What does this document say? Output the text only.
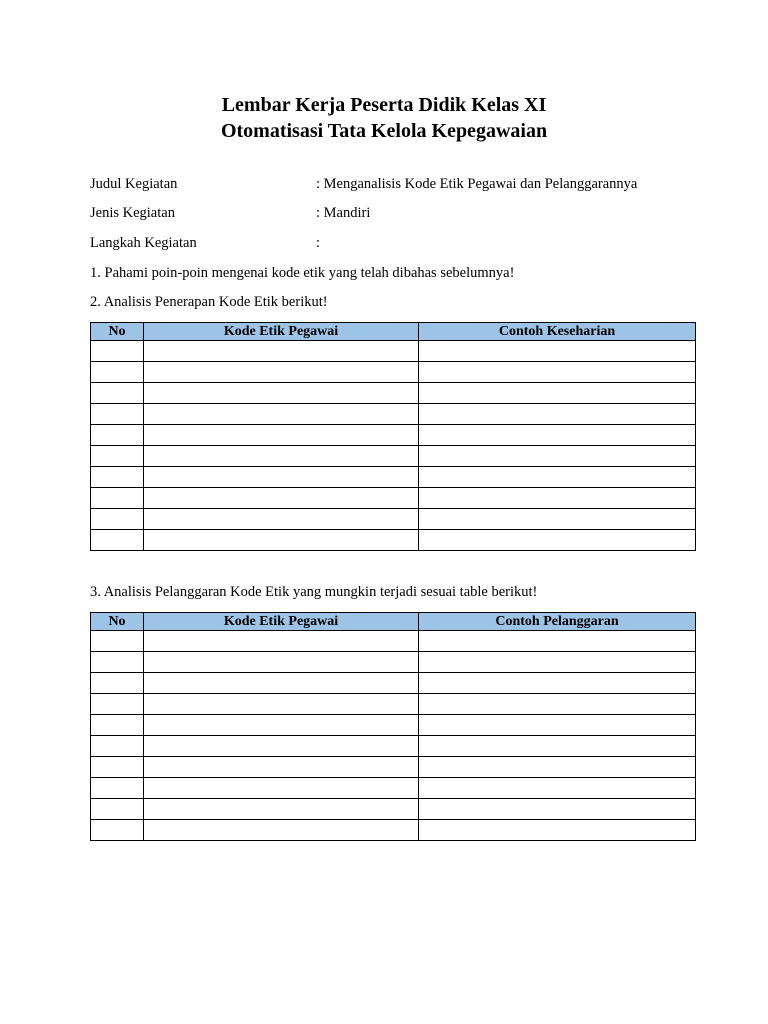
Lembar Kerja Peserta Didik Kelas XI
Otomatisasi Tata Kelola Kepegawaian
Judul Kegiatan	: Menganalisis Kode Etik Pegawai dan Pelanggarannya
Jenis Kegiatan	: Mandiri
Langkah Kegiatan	:
1. Pahami poin-poin mengenai kode etik yang telah dibahas sebelumnya!
2. Analisis Penerapan Kode Etik berikut!
No	Kode Etik Pegawai	Contoh Keseharian

3. Analisis Pelanggaran Kode Etik yang mungkin terjadi sesuai table berikut!
No	Kode Etik Pegawai	Contoh Pelanggaran
